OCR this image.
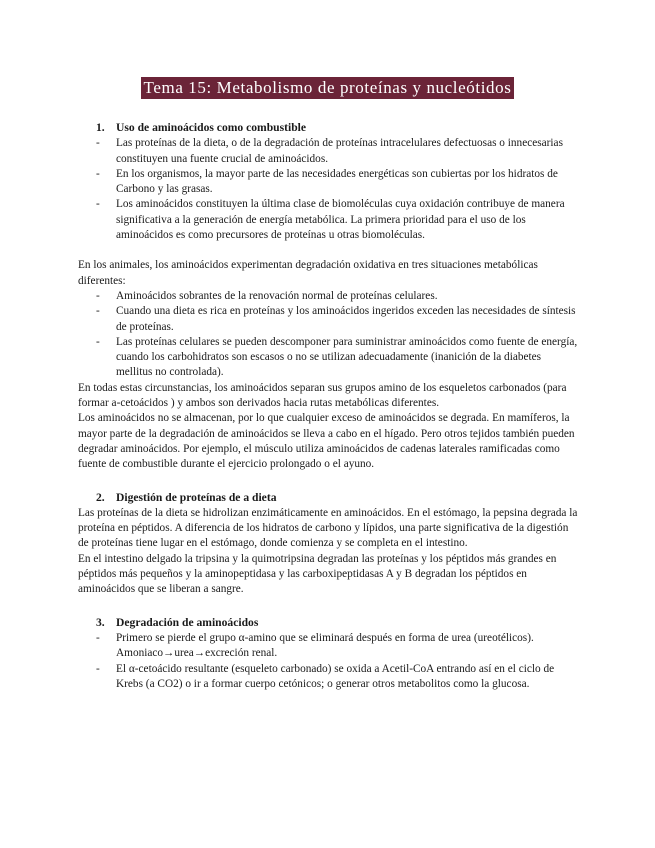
Tema 15: Metabolismo de proteínas y nucleótidos
1. Uso de aminoácidos como combustible
- Las proteínas de la dieta, o de la degradación de proteínas intracelulares defectuosas o innecesarias constituyen una fuente crucial de aminoácidos.
- En los organismos, la mayor parte de las necesidades energéticas son cubiertas por los hidratos de Carbono y las grasas.
- Los aminoácidos constituyen la última clase de biomoléculas cuya oxidación contribuye de manera significativa a la generación de energía metabólica. La primera prioridad para el uso de los aminoácidos es como precursores de proteínas u otras biomoléculas.
En los animales, los aminoácidos experimentan degradación oxidativa en tres situaciones metabólicas diferentes:
- Aminoácidos sobrantes de la renovación normal de proteínas celulares.
- Cuando una dieta es rica en proteínas y los aminoácidos ingeridos exceden las necesidades de síntesis de proteínas.
- Las proteínas celulares se pueden descomponer para suministrar aminoácidos como fuente de energía, cuando los carbohidratos son escasos o no se utilizan adecuadamente (inanición de la diabetes mellitus no controlada).
En todas estas circunstancias, los aminoácidos separan sus grupos amino de los esqueletos carbonados (para formar a-cetoácidos ) y ambos son derivados hacia rutas metabólicas diferentes.
Los aminoácidos no se almacenan, por lo que cualquier exceso de aminoácidos se degrada. En mamíferos, la mayor parte de la degradación de aminoácidos se lleva a cabo en el hígado. Pero otros tejidos también pueden degradar aminoácidos. Por ejemplo, el músculo utiliza aminoácidos de cadenas laterales ramificadas como fuente de combustible durante el ejercicio prolongado o el ayuno.
2. Digestión de proteínas de a dieta
Las proteínas de la dieta se hidrolizan enzimáticamente en aminoácidos. En el estómago, la pepsina degrada la proteína en péptidos. A diferencia de los hidratos de carbono y lípidos, una parte significativa de la digestión de proteínas tiene lugar en el estómago, donde comienza y se completa en el intestino.
En el intestino delgado la tripsina y la quimotripsina degradan las proteínas y los péptidos más grandes en péptidos más pequeños y la aminopeptidasa y las carboxipeptidasas A y B degradan los péptidos en aminoácidos que se liberan a sangre.
3. Degradación de aminoácidos
- Primero se pierde el grupo α-amino que se eliminará después en forma de urea (ureotélicos).
Amoniaco→urea→excreción renal.
- El α-cetoácido resultante (esqueleto carbonado) se oxida a Acetil-CoA entrando así en el ciclo de Krebs (a CO2) o ir a formar cuerpo cetónicos; o generar otros metabolitos como la glucosa.
